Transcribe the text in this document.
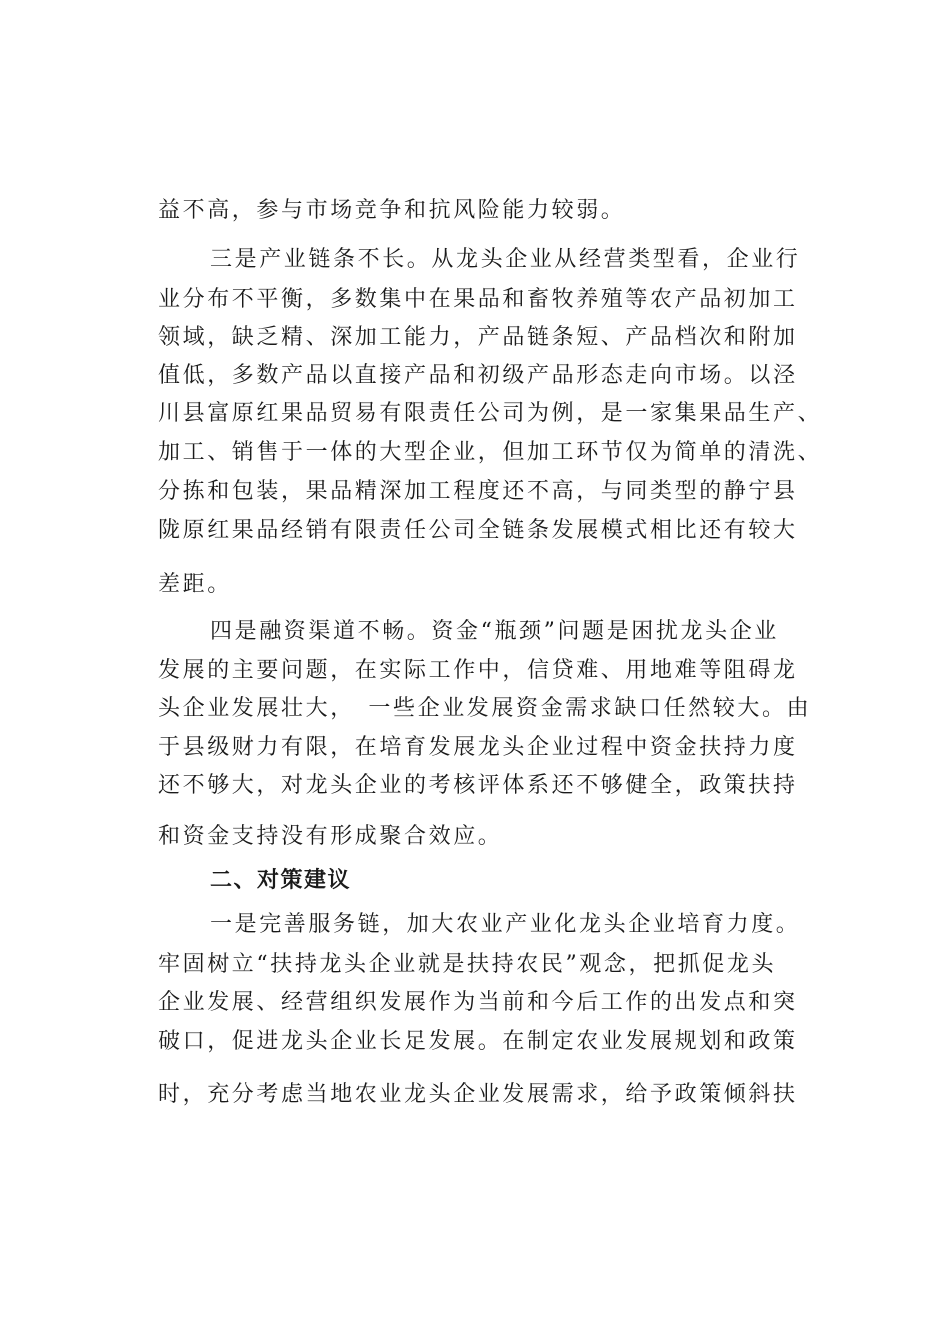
益不高，参与市场竞争和抗风险能力较弱。
三是产业链条不长。从龙头企业从经营类型看，企业行
业分布不平衡，多数集中在果品和畜牧养殖等农产品初加工
领域，缺乏精、深加工能力，产品链条短、产品档次和附加
值低，多数产品以直接产品和初级产品形态走向市场。以泾
川县富原红果品贸易有限责任公司为例，是一家集果品生产、
加工、销售于一体的大型企业，但加工环节仅为简单的清洗、
分拣和包装，果品精深加工程度还不高，与同类型的静宁县
陇原红果品经销有限责任公司全链条发展模式相比还有较大
差距。
四是融资渠道不畅。资金“瓶颈”问题是困扰龙头企业
发展的主要问题，在实际工作中，信贷难、用地难等阻碍龙
头企业发展壮大，　一些企业发展资金需求缺口任然较大。由
于县级财力有限，在培育发展龙头企业过程中资金扶持力度
还不够大，对龙头企业的考核评体系还不够健全，政策扶持
和资金支持没有形成聚合效应。
二、对策建议
一是完善服务链，加大农业产业化龙头企业培育力度。
牢固树立“扶持龙头企业就是扶持农民”观念，把抓促龙头
企业发展、经营组织发展作为当前和今后工作的出发点和突
破口，促进龙头企业长足发展。在制定农业发展规划和政策
时，充分考虑当地农业龙头企业发展需求，给予政策倾斜扶
